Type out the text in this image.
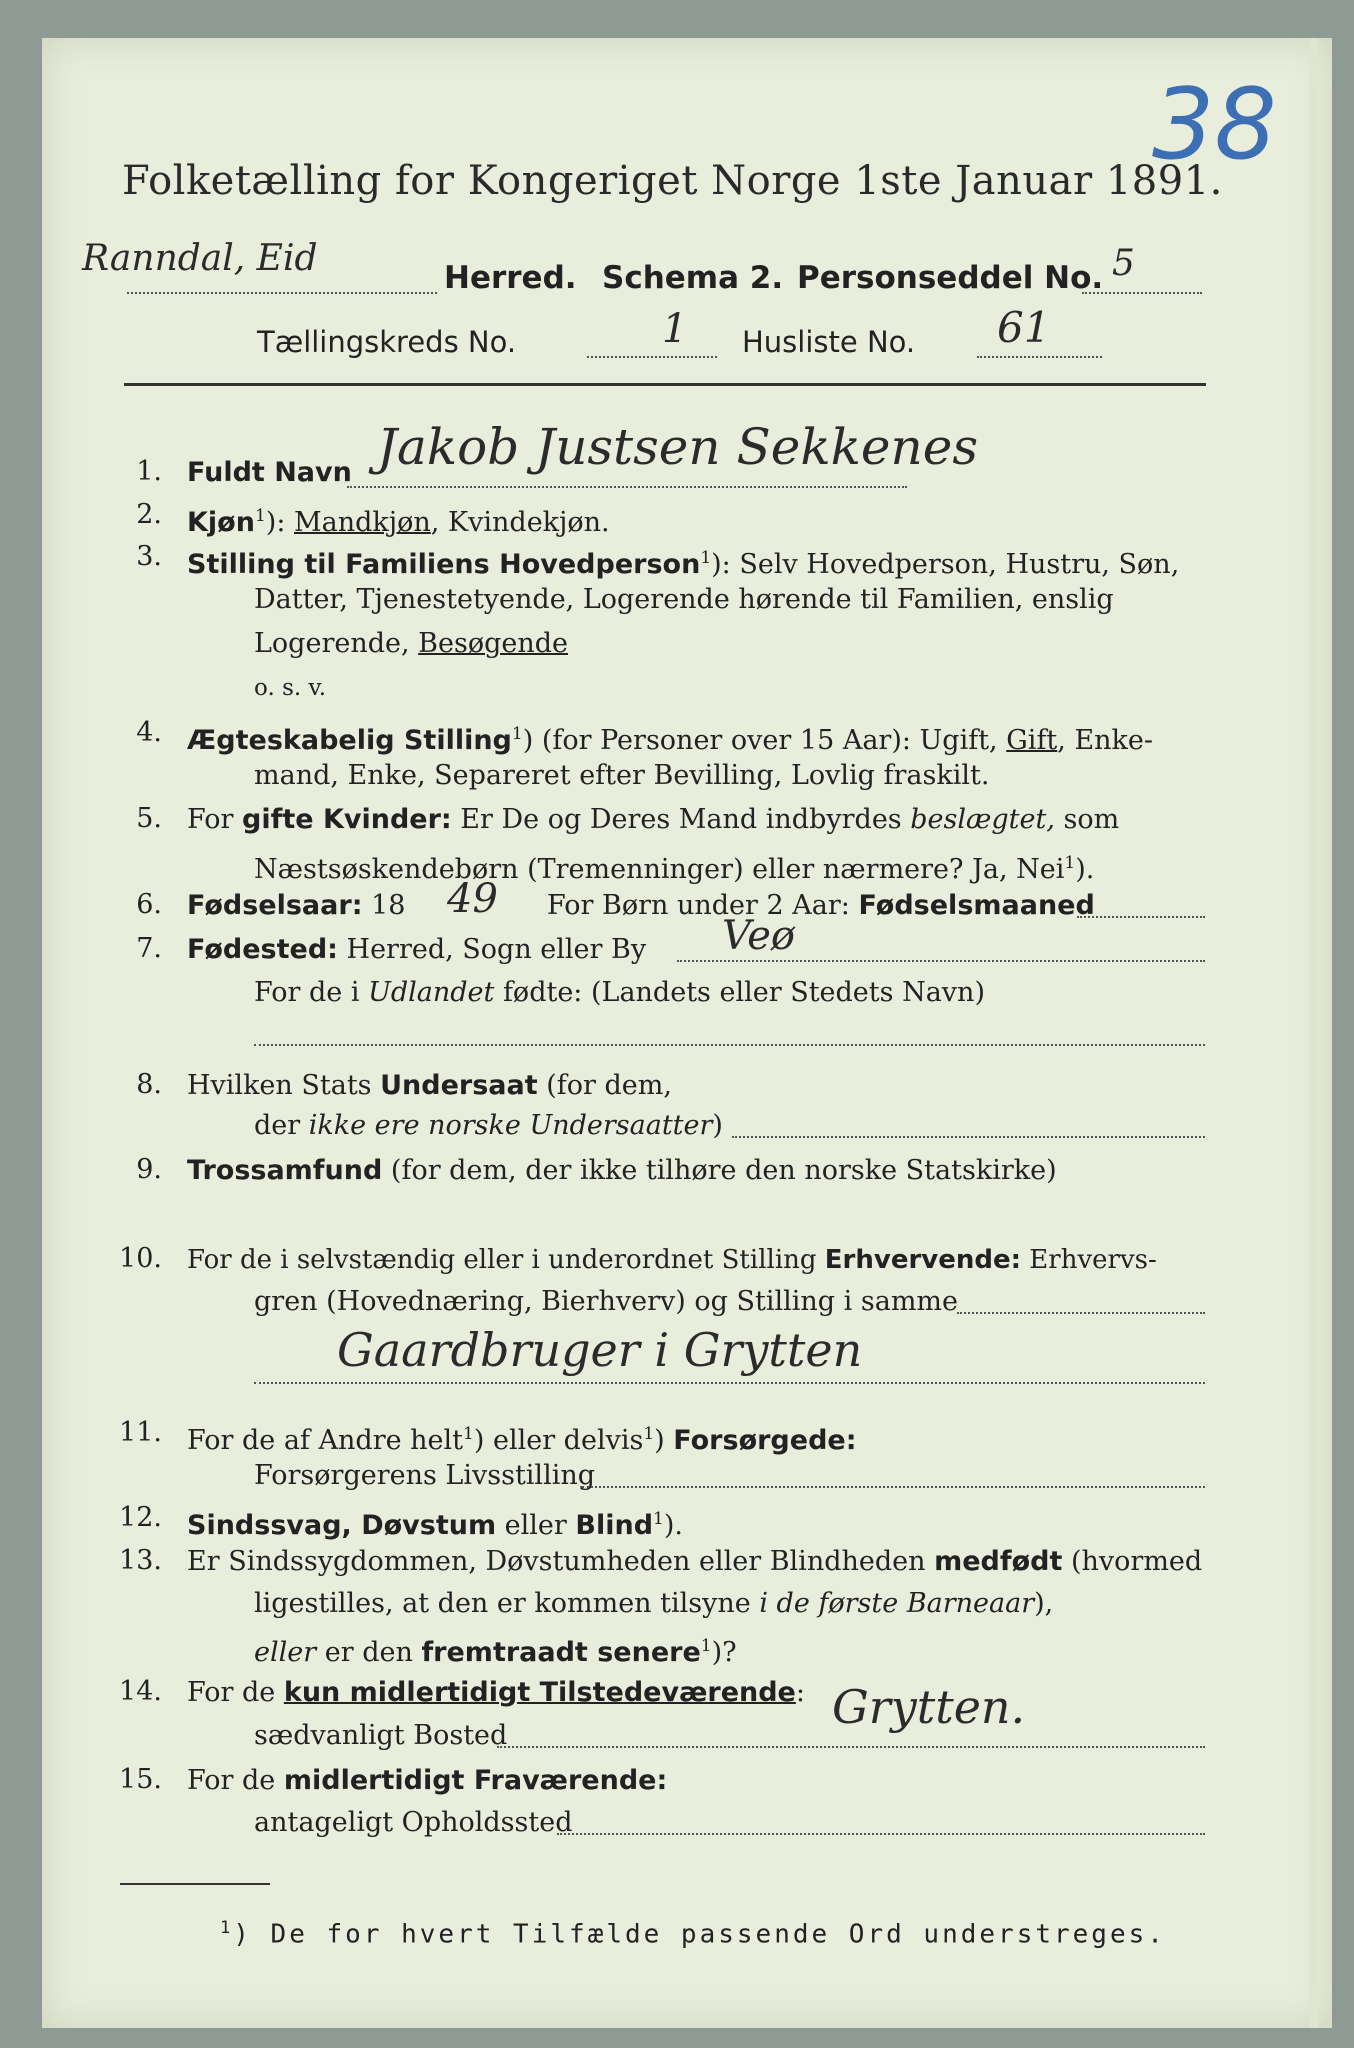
38
Folketælling for Kongeriget Norge 1ste Januar 1891.
Ranndal, Eid	Herred. Schema 2. Personseddel No. 5
Tællingskreds No.	1 Husliste No. 61
1. Fuldt Navn Jakob Justsen Sekkenes
2. Kjøn$^1$): Mandkjøn, Kvindekjøn.
3. Stilling til Familiens Hovedperson$^1$): Selv Hovedperson, Hustru, Søn,
Datter, Tjenestetyende, Logerende hørende til Familien, enslig
Logerende, Besøgende
o. s. v.
4. Ægteskabelig Stilling$^1$) (for Personer over 15 Aar): Ugift, Gift, Enke-
mand, Enke, Separeret efter Bevilling, Lovlig fraskilt.
5. For gifte Kvinder: Er De og Deres Mand indbyrdes beslægtet, som
Næstsøskendebørn (Tremenninger) eller nærmere? Ja, Nei$^1$).
6. Fødselsaar: 18 49 For Børn under 2 Aar: Fødselsmaaned
7. Fødested: Herred, Sogn eller By Veø
For de i Udlandet fødte: (Landets eller Stedets Navn)
8. Hvilken Stats Undersaat (for dem,
der ikke ere norske Undersaatter)
9. Trossamfund (for dem, der ikke tilhøre den norske Statskirke)
10. For de i selvstændig eller i underordnet Stilling Erhvervende: Erhvervs-
gren (Hovednæring, Bierhverv) og Stilling i samme
Gaardbruger i Grytten
11. For de af Andre helt$^1$) eller delvis$^1$) Forsørgede:
Forsørgerens Livsstilling
12. Sindssvag, Døvstum eller Blind$^1$).
13. Er Sindssygdommen, Døvstumheden eller Blindheden medfødt (hvormed
ligestilles, at den er kommen tilsyne i de første Barneaar),
eller er den fremtraadt senere$^1$)?
14. For de kun midlertidigt Tilstedeværende:
sædvanligt Bosted
Grytten.
15. For de midlertidigt Fraværende:
antageligt Opholdssted
$^1$) De for hvert Tilfælde passende Ord understreges.
